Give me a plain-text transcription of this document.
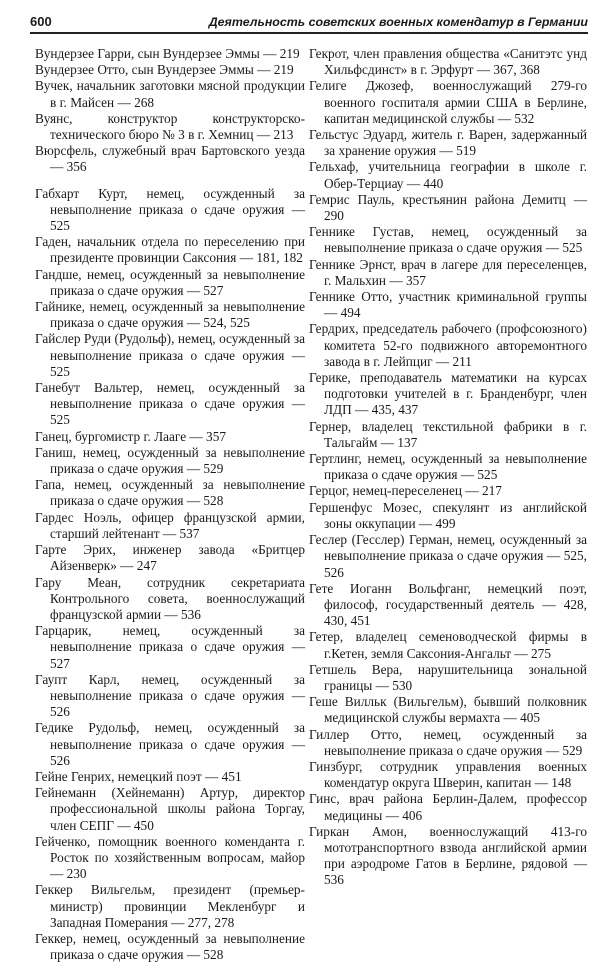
600	Деятельность советских военных комендатур в Германии
Вундерзее Гарри, сын Вундерзее Эммы — 219
Вундерзее Отто, сын Вундерзее Эммы — 219
Вучек, начальник заготовки мясной продукции в г. Майсен — 268
Вуянс, конструктор конструкторско-технического бюро № 3 в г. Хемниц — 213
Вюрсфель, служебный врач Бартовского уезда — 356
Габхарт Курт, немец, осужденный за невыполнение приказа о сдаче оружия — 525
Гаден, начальник отдела по переселению при президенте провинции Саксония — 181, 182
Гандше, немец, осужденный за невыполнение приказа о сдаче оружия — 527
Гайнике, немец, осужденный за невыполнение приказа о сдаче оружия — 524, 525
Гайслер Руди (Рудольф), немец, осужденный за невыполнение приказа о сдаче оружия — 525
Ганебут Вальтер, немец, осужденный за невыполнение приказа о сдаче оружия — 525
Ганец, бургомистр г. Лааге — 357
Ганиш, немец, осужденный за невыполнение приказа о сдаче оружия — 529
Гапа, немец, осужденный за невыполнение приказа о сдаче оружия — 528
Гардес Ноэль, офицер французской армии, старший лейтенант — 537
Гарте Эрих, инженер завода «Бритцер Айзенверк» — 247
Гару Меан, сотрудник секретариата Контрольного совета, военнослужащий французской армии — 536
Гарцарик, немец, осужденный за невыполнение приказа о сдаче оружия — 527
Гаупт Карл, немец, осужденный за невыполнение приказа о сдаче оружия — 526
Гедике Рудольф, немец, осужденный за невыполнение приказа о сдаче оружия — 526
Гейне Генрих, немецкий поэт — 451
Гейнеманн (Хейнеманн) Артур, директор профессиональной школы района Торгау, член СЕПГ — 450
Гейченко, помощник военного коменданта г. Росток по хозяйственным вопросам, майор — 230
Геккер Вильгельм, президент (премьер-министр) провинции Мекленбург и Западная Померания — 277, 278
Геккер, немец, осужденный за невыполнение приказа о сдаче оружия — 528
Гекрот, член правления общества «Санитэтс унд Хильфсдинст» в г. Эрфурт — 367, 368
Гелиге Джозеф, военнослужащий 279-го военного госпиталя армии США в Берлине, капитан медицинской службы — 532
Гельстус Эдуард, житель г. Варен, задержанный за хранение оружия — 519
Гельхаф, учительница географии в школе г. Обер-Терциау — 440
Гемрис Пауль, крестьянин района Демитц — 290
Геннике Густав, немец, осужденный за невыполнение приказа о сдаче оружия — 525
Геннике Эрнст, врач в лагере для переселенцев, г. Мальхин — 357
Геннике Отто, участник криминальной группы — 494
Гердрих, председатель рабочего (профсоюзного) комитета 52-го подвижного авторемонтного завода в г. Лейпциг — 211
Герике, преподаватель математики на курсах подготовки учителей в г. Бранденбург, член ЛДП — 435, 437
Гернер, владелец текстильной фабрики в г. Тальгайм — 137
Гертлинг, немец, осужденный за невыполнение приказа о сдаче оружия — 525
Герцог, немец-переселенец — 217
Гершенфус Мозес, спекулянт из английской зоны оккупации — 499
Геслер (Гесслер) Герман, немец, осужденный за невыполнение приказа о сдаче оружия — 525, 526
Гете Иоганн Вольфганг, немецкий поэт, философ, государственный деятель — 428, 430, 451
Гетер, владелец семеноводческой фирмы в г.Кетен, земля Саксония-Ангальт — 275
Гетшель Вера, нарушительница зональной границы — 530
Геше Вилльк (Вильгельм), бывший полковник медицинской службы вермахта — 405
Гиллер Отто, немец, осужденный за невыполнение приказа о сдаче оружия — 529
Гинзбург, сотрудник управления военных комендатур округа Шверин, капитан — 148
Гинс, врач района Берлин-Далем, профессор медицины — 406
Гиркан Амон, военнослужащий 413-го мототранспортного взвода английской армии при аэродроме Гатов в Берлине, рядовой — 536
